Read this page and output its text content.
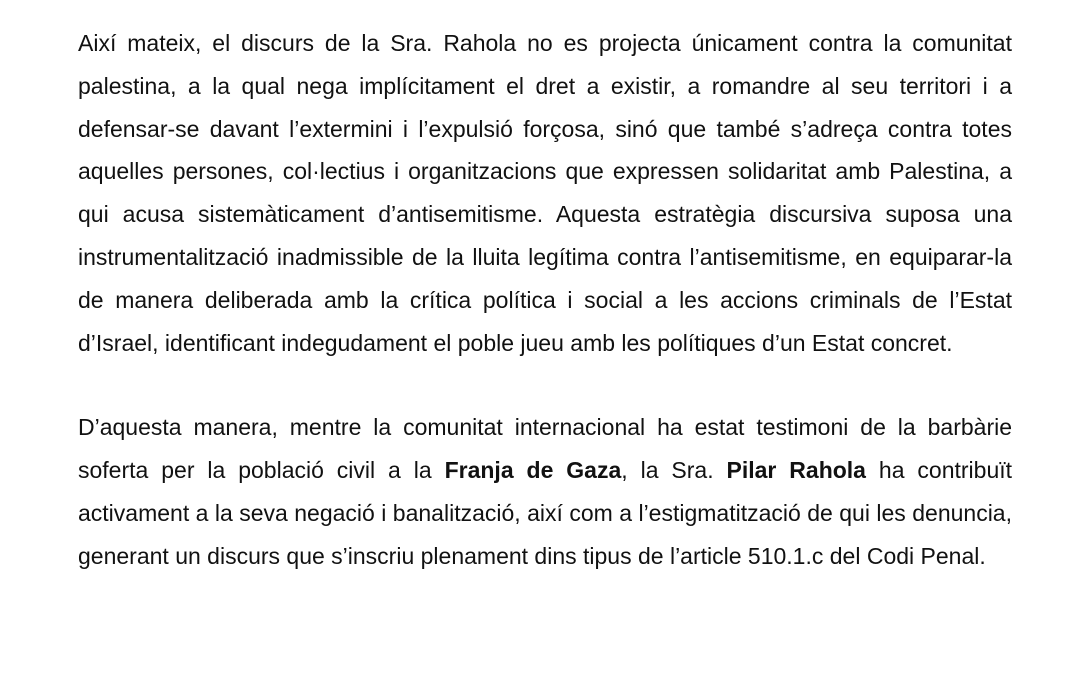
Així mateix, el discurs de la Sra. Rahola no es projecta únicament contra la comunitat palestina, a la qual nega implícitament el dret a existir, a romandre al seu territori i a defensar-se davant l’extermini i l’expulsió forçosa, sinó que també s’adreça contra totes aquelles persones, col·lectius i organitzacions que expressen solidaritat amb Palestina, a qui acusa sistemàticament d’antisemitisme. Aquesta estratègia discursiva suposa una instrumentalització inadmissible de la lluita legítima contra l’antisemitisme, en equiparar-la de manera deliberada amb la crítica política i social a les accions criminals de l’Estat d’Israel, identificant indegudament el poble jueu amb les polítiques d’un Estat concret.

D’aquesta manera, mentre la comunitat internacional ha estat testimoni de la barbàrie soferta per la població civil a la Franja de Gaza, la Sra. Pilar Rahola ha contribuït activament a la seva negació i banalització, així com a l’estigmatització de qui les denuncia, generant un discurs que s’inscriu plenament dins tipus de l’article 510.1.c del Codi Penal.
